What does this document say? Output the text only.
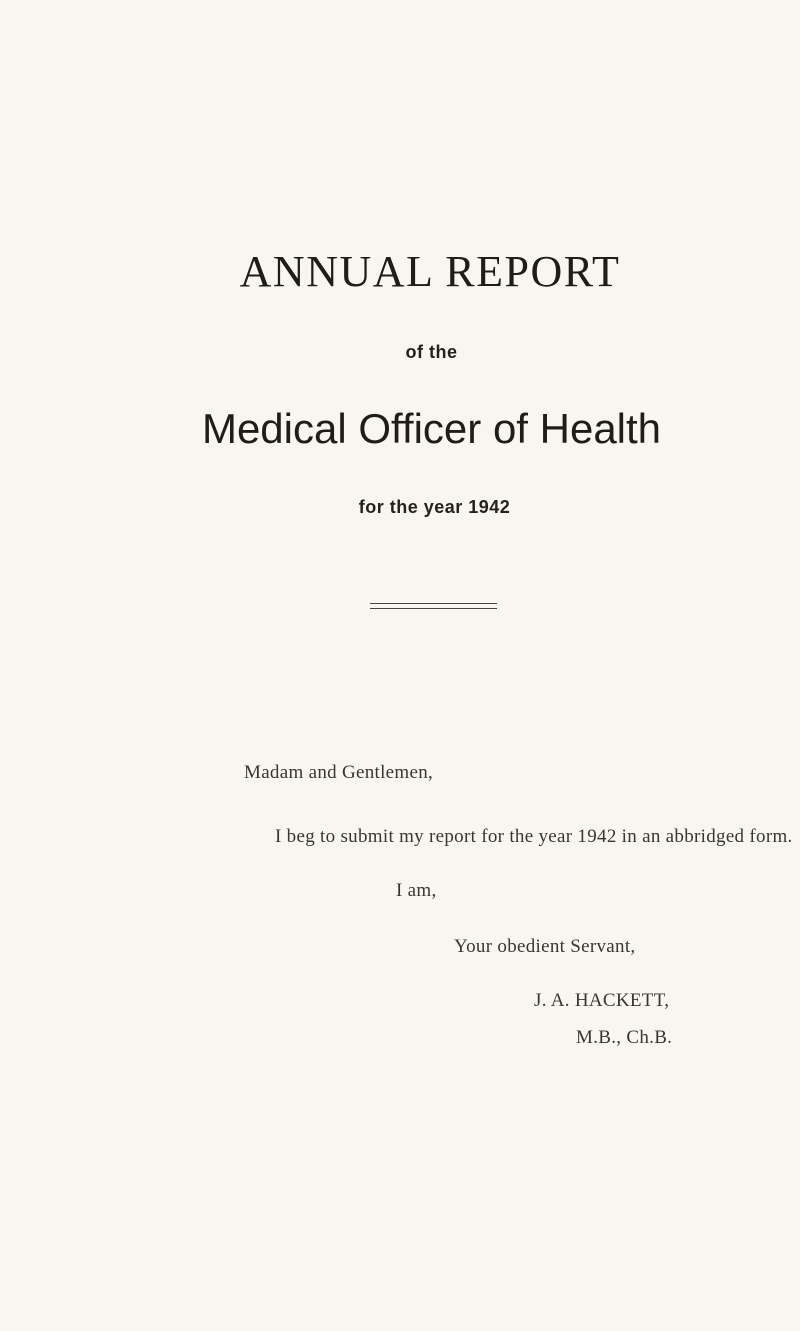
ANNUAL REPORT
of the
Medical Officer of Health
for the year 1942
Madam and Gentlemen,
I beg to submit my report for the year 1942 in an abbridged form.
I am,
Your obedient Servant,
J. A. HACKETT,
M.B., Ch.B.
